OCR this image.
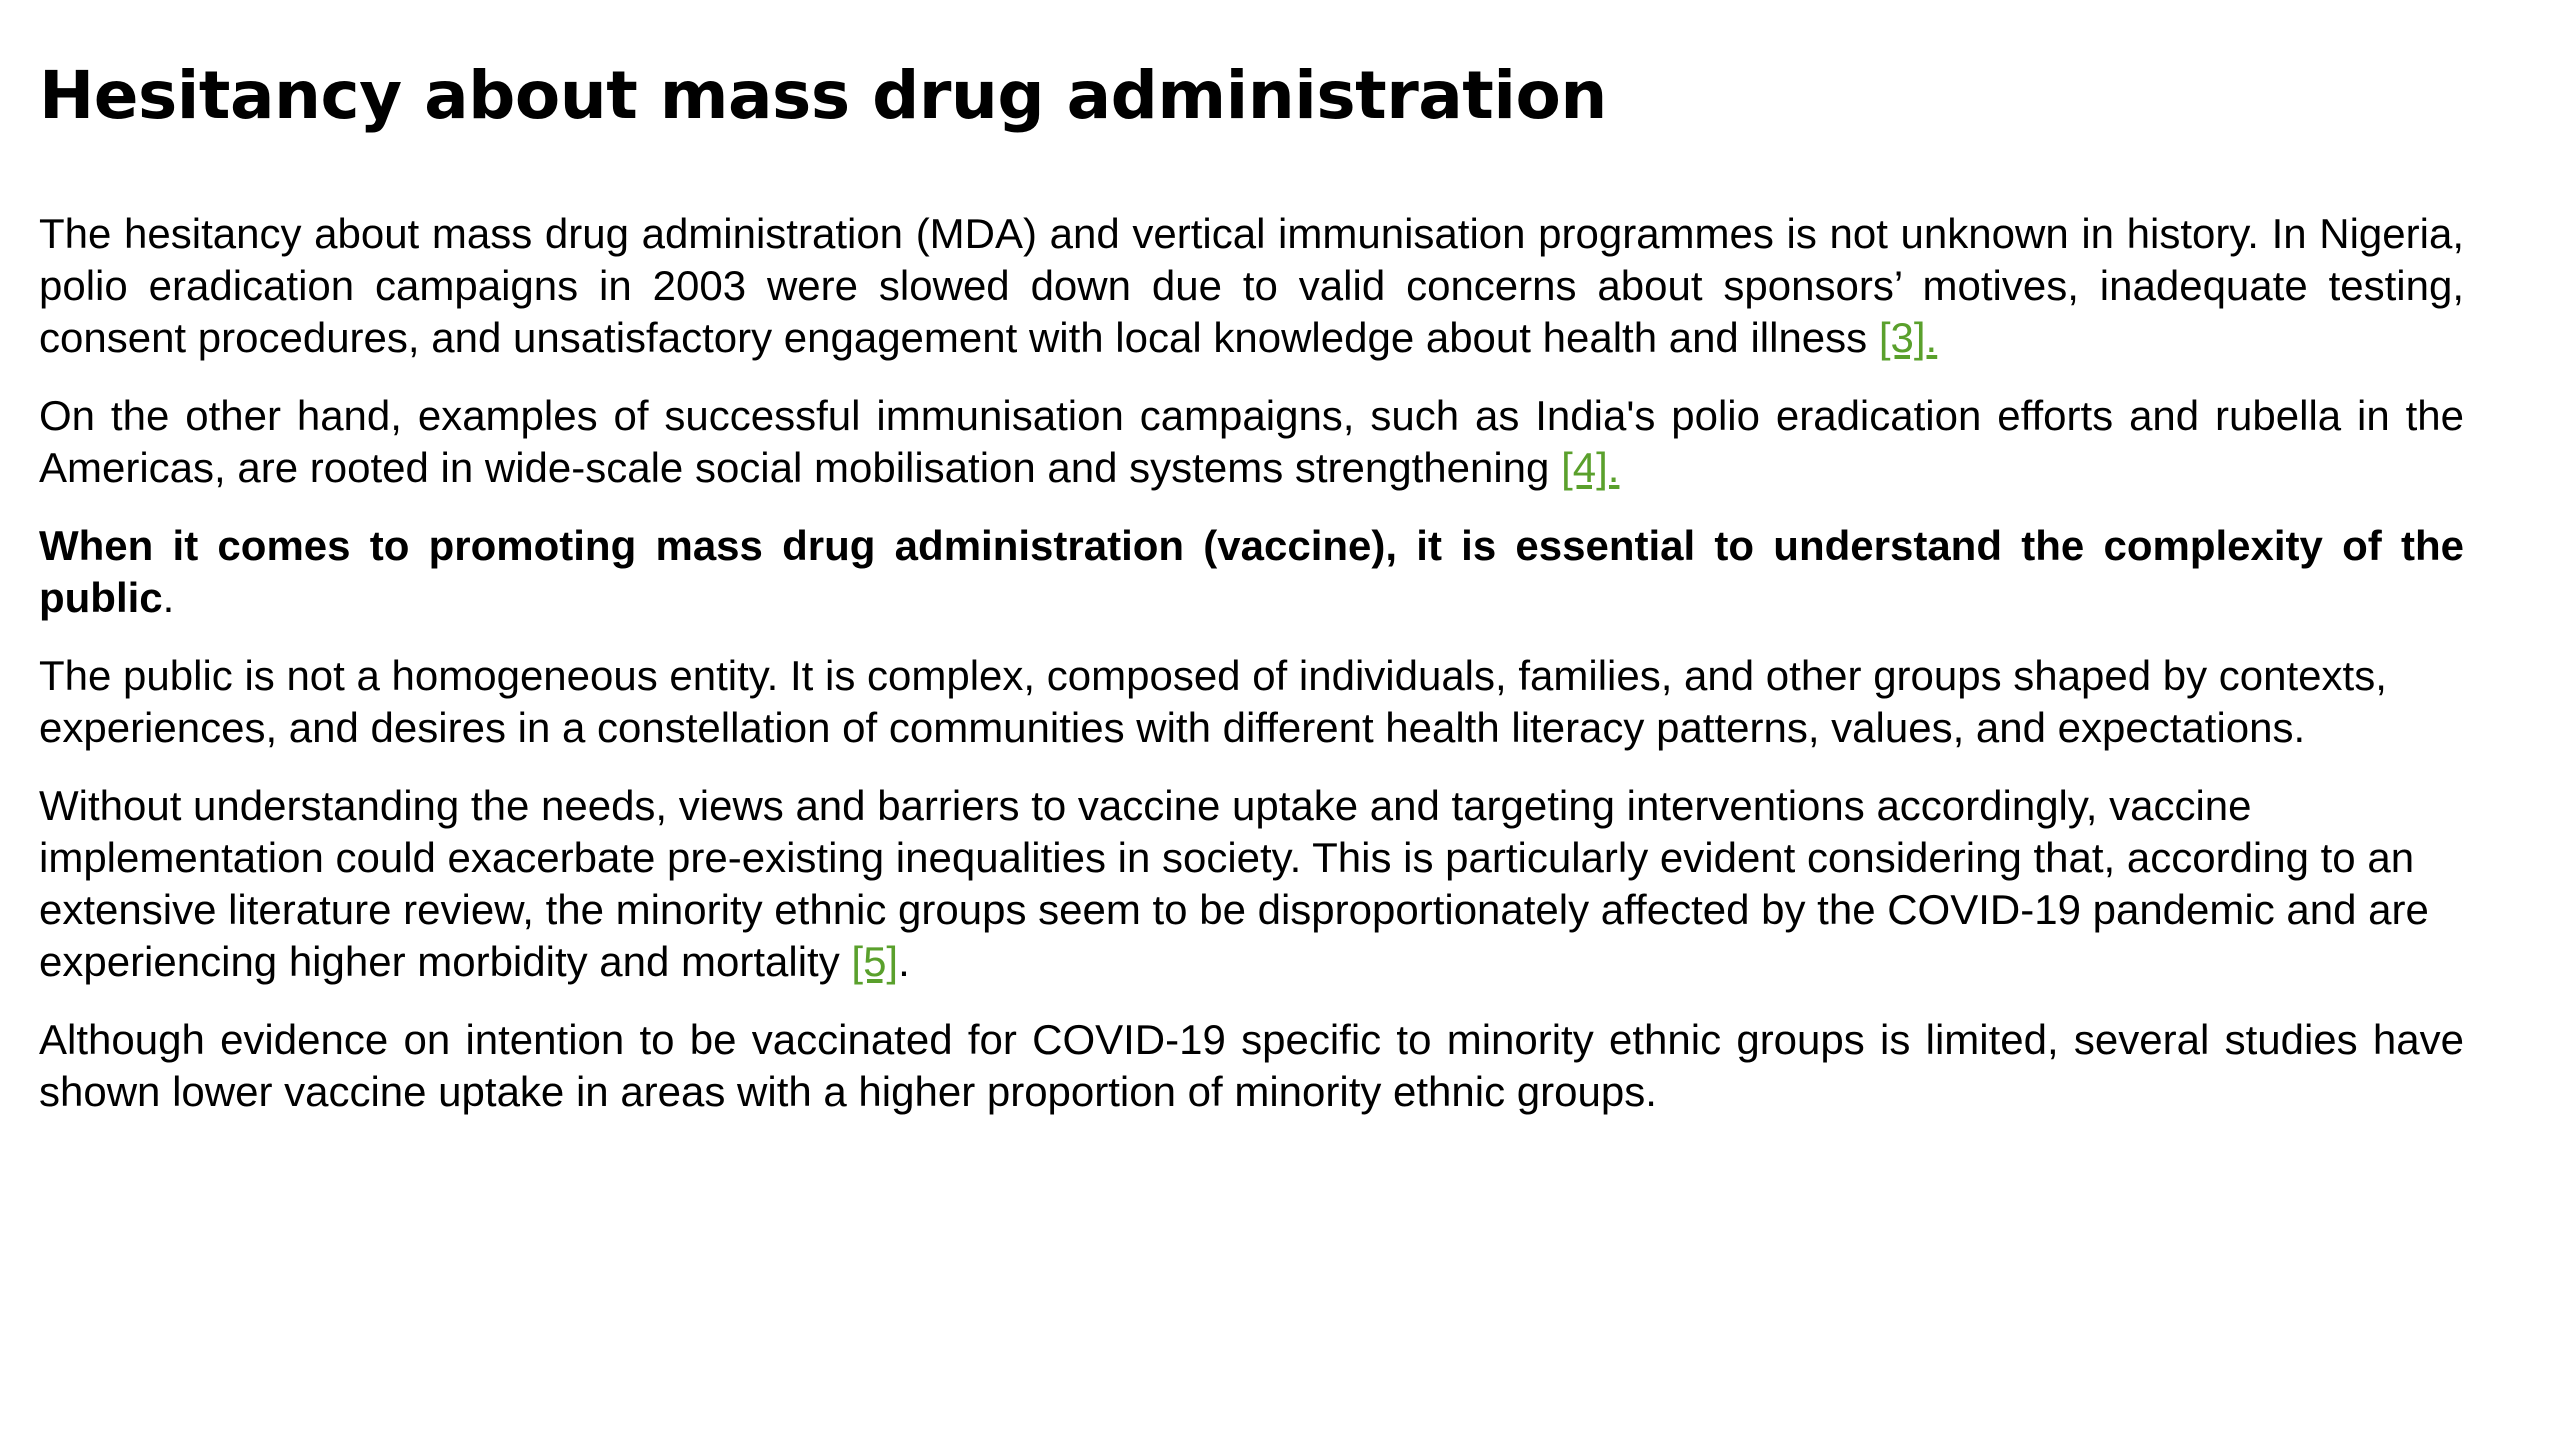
Hesitancy about mass drug administration

The hesitancy about mass drug administration (MDA) and vertical immunisation programmes is not unknown in history. In Nigeria, polio eradication campaigns in 2003 were slowed down due to valid concerns about sponsors’ motives, inadequate testing, consent procedures, and unsatisfactory engagement with local knowledge about health and illness [3].

On the other hand, examples of successful immunisation campaigns, such as India's polio eradication efforts and rubella in the Americas, are rooted in wide-scale social mobilisation and systems strengthening [4].

When it comes to promoting mass drug administration (vaccine), it is essential to understand the complexity of the public.

The public is not a homogeneous entity. It is complex, composed of individuals, families, and other groups shaped by contexts, experiences, and desires in a constellation of communities with different health literacy patterns, values, and expectations.

Without understanding the needs, views and barriers to vaccine uptake and targeting interventions accordingly, vaccine implementation could exacerbate pre-existing inequalities in society. This is particularly evident considering that, according to an extensive literature review, the minority ethnic groups seem to be disproportionately affected by the COVID-19 pandemic and are experiencing higher morbidity and mortality [5].

Although evidence on intention to be vaccinated for COVID-19 specific to minority ethnic groups is limited, several studies have shown lower vaccine uptake in areas with a higher proportion of minority ethnic groups.
